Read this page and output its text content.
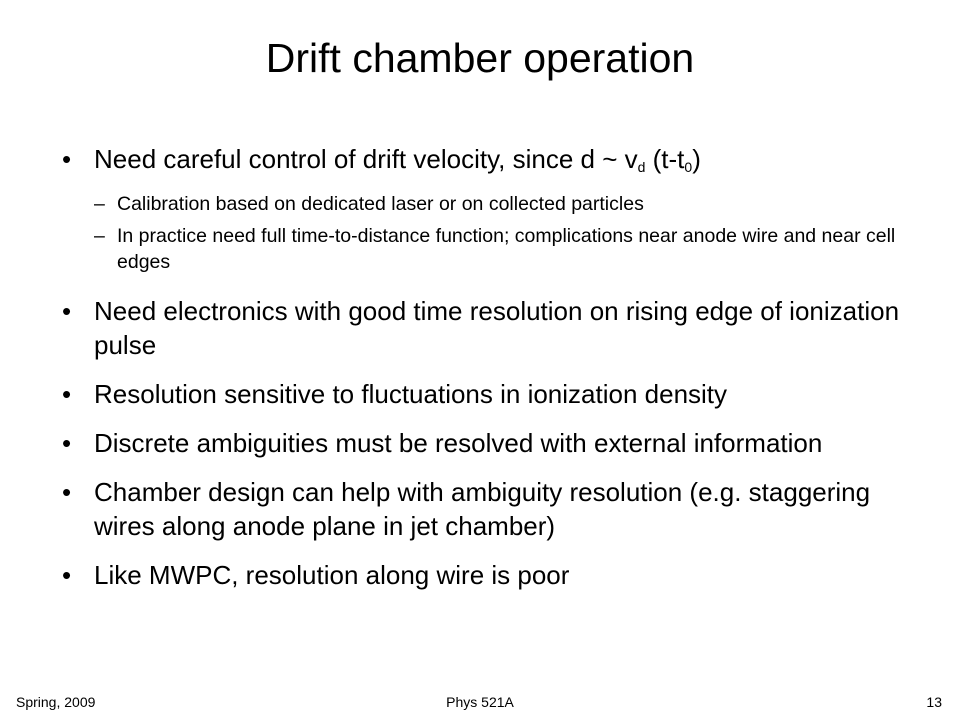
Drift chamber operation
• Need careful control of drift velocity, since d ~ $v_d$ $(t-t_0)$
– Calibration based on dedicated laser or on collected particles
– In practice need full time-to-distance function; complications near anode wire and near cell edges
• Need electronics with good time resolution on rising edge of ionization pulse
• Resolution sensitive to fluctuations in ionization density
• Discrete ambiguities must be resolved with external information
• Chamber design can help with ambiguity resolution (e.g. staggering wires along anode plane in jet chamber)
• Like MWPC, resolution along wire is poor
Spring, 2009	Phys 521A	13
